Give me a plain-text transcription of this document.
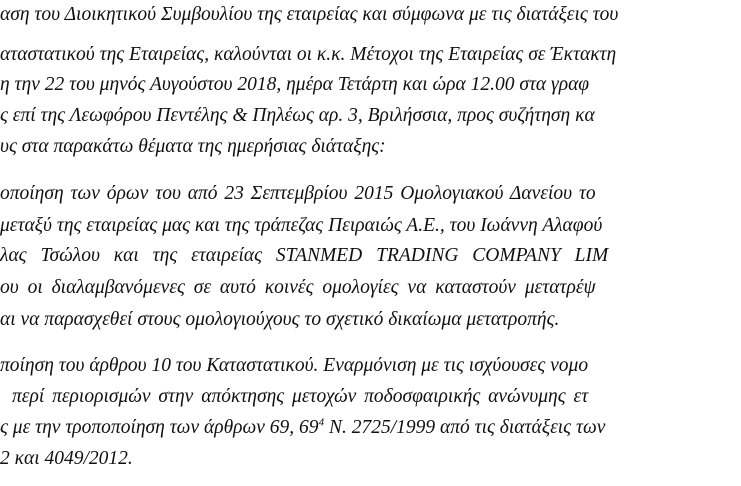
αση του Διοικητικού Συμβουλίου της εταιρείας και σύμφωνα με τις διατάξεις του
αταστατικού της Εταιρείας, καλούνται οι κ.κ. Μέτοχοι της Εταιρείας σε Έκτακτη
η την 22 του μηνός Αυγούστου 2018, ημέρα Τετάρτη και ώρα 12.00 στα γραφ
ς επί της Λεωφόρου Πεντέλης & Πηλέως αρ. 3, Βριλήσσια, προς συζήτηση κα
υς στα παρακάτω θέματα της ημερήσιας διάταξης:
οποίηση των όρων του από 23 Σεπτεμβρίου 2015 Ομολογιακού Δανείου το
μεταξύ της εταιρείας μας και της τράπεζας Πειραιώς Α.Ε., του Ιωάννη Αλαφού
λας Τσώλου και της εταιρείας STANMED TRADING COMPANY LIM
ου οι διαλαμβανόμενες σε αυτό κοινές ομολογίες να καταστούν μετατρέψ
αι να παρασχεθεί στους ομολογιούχους το σχετικό δικαίωμα μετατροπής.
ποίηση του άρθρου 10 του Καταστατικού. Εναρμόνιση με τις ισχύουσες νομο
περί περιορισμών στην απόκτησης μετοχών ποδοσφαιρικής ανώνυμης ετ
ς με την τροποποίηση των άρθρων 69, $69^4$ Ν. 2725/1999 από τις διατάξεις των
2 και 4049/2012.
